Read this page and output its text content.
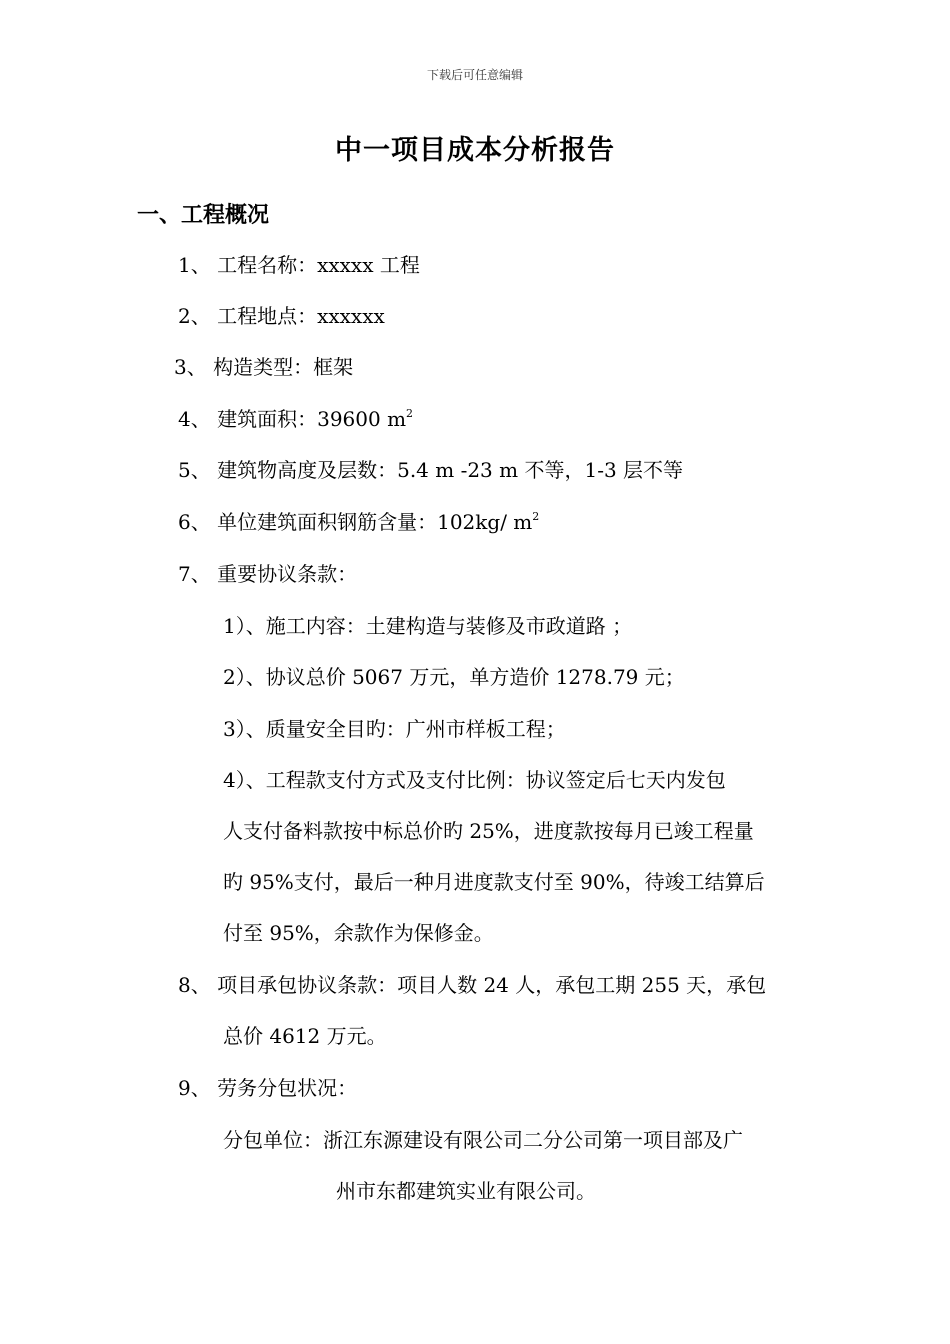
下载后可任意编辑
中一项目成本分析报告
一、工程概况
1、 工程名称：xxxxx 工程
2、 工程地点：xxxxxx
3、 构造类型：框架
4、 建筑面积：39600 $m^2$
5、 建筑物高度及层数：5.4 m -23 m 不等，1-3 层不等
6、 单位建筑面积钢筋含量：102kg/ $m^2$
7、 重要协议条款：
1）、施工内容：土建构造与装修及市政道路 ；
2）、协议总价 5067 万元，单方造价 1278.79 元；
3）、质量安全目旳：广州市样板工程；
4）、工程款支付方式及支付比例：协议签定后七天内发包
人支付备料款按中标总价旳 25%，进度款按每月已竣工程量
旳 95%支付，最后一种月进度款支付至 90%，待竣工结算后
付至 95%，余款作为保修金。
8、 项目承包协议条款：项目人数 24 人，承包工期 255 天，承包
总价 4612 万元。
9、 劳务分包状况：
分包单位：浙江东源建设有限公司二分公司第一项目部及广
州市东都建筑实业有限公司。
